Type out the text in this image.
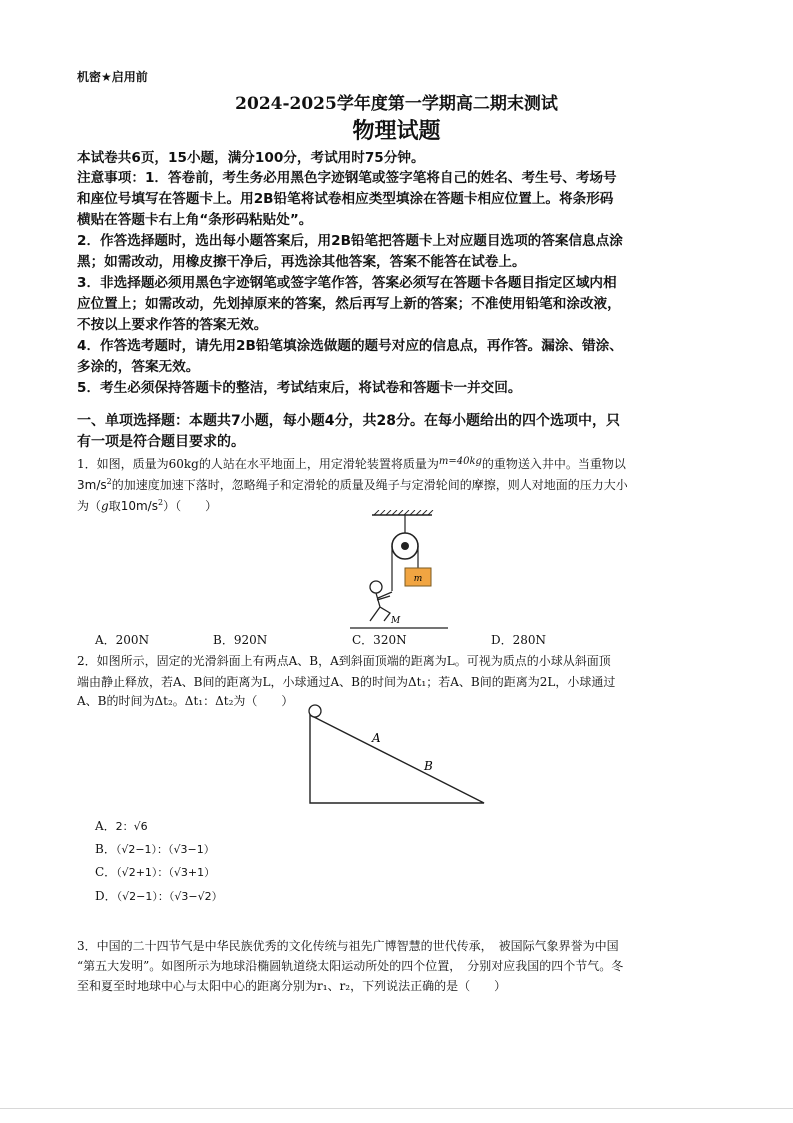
机密★启用前
2024-2025学年度第一学期高二期末测试
物理试题
本试卷共6页，15小题，满分100分，考试用时75分钟。
注意事项：1．答卷前，考生务必用黑色字迹钢笔或签字笔将自己的姓名、考生号、考场号
和座位号填写在答题卡上。用2B铅笔将试卷相应类型填涂在答题卡相应位置上。将条形码
横贴在答题卡右上角“条形码粘贴处”。
2．作答选择题时，选出每小题答案后，用2B铅笔把答题卡上对应题目选项的答案信息点涂
黑；如需改动，用橡皮擦干净后，再选涂其他答案，答案不能答在试卷上。
3．非选择题必须用黑色字迹钢笔或签字笔作答，答案必须写在答题卡各题目指定区域内相
应位置上；如需改动，先划掉原来的答案，然后再写上新的答案；不准使用铅笔和涂改液，
不按以上要求作答的答案无效。
4．作答选考题时，请先用2B铅笔填涂选做题的题号对应的信息点，再作答。漏涂、错涂、
多涂的，答案无效。
5．考生必须保持答题卡的整洁，考试结束后，将试卷和答题卡一并交回。
一、单项选择题：本题共7小题，每小题4分，共28分。在每小题给出的四个选项中，只
有一项是符合题目要求的。
1．如图，质量为60kg的人站在水平地面上，用定滑轮装置将质量为$^{m=40kg}$的重物送入井中。当重物以
$3m/s^2$的加速度加速下落时，忽略绳子和定滑轮的质量及绳子与定滑轮间的摩擦，则人对地面的压力大小
为（g取$10m/s^2$）（　　）
m
M
A．200N	B．920N	C．320N	D．280N
2．如图所示，固定的光滑斜面上有两点A、B，A到斜面顶端的距离为L。可视为质点的小球从斜面顶
端由静止释放，若A、B间的距离为L，小球通过A、B的时间为Δt₁；若A、B间的距离为2L，小球通过
A、B的时间为Δt₂。Δt₁：Δt₂为（　　）
A
B
A．2：√6
B．（√2−1）：（√3−1）
C．（√2+1）：（√3+1）
D．（√2−1）：（√3−√2）
3．中国的二十四节气是中华民族优秀的文化传统与祖先广博智慧的世代传承，　被国际气象界誉为中国
“第五大发明”。如图所示为地球沿椭圆轨道绕太阳运动所处的四个位置，　分别对应我国的四个节气。冬
至和夏至时地球中心与太阳中心的距离分别为r₁、r₂，下列说法正确的是（　　）
